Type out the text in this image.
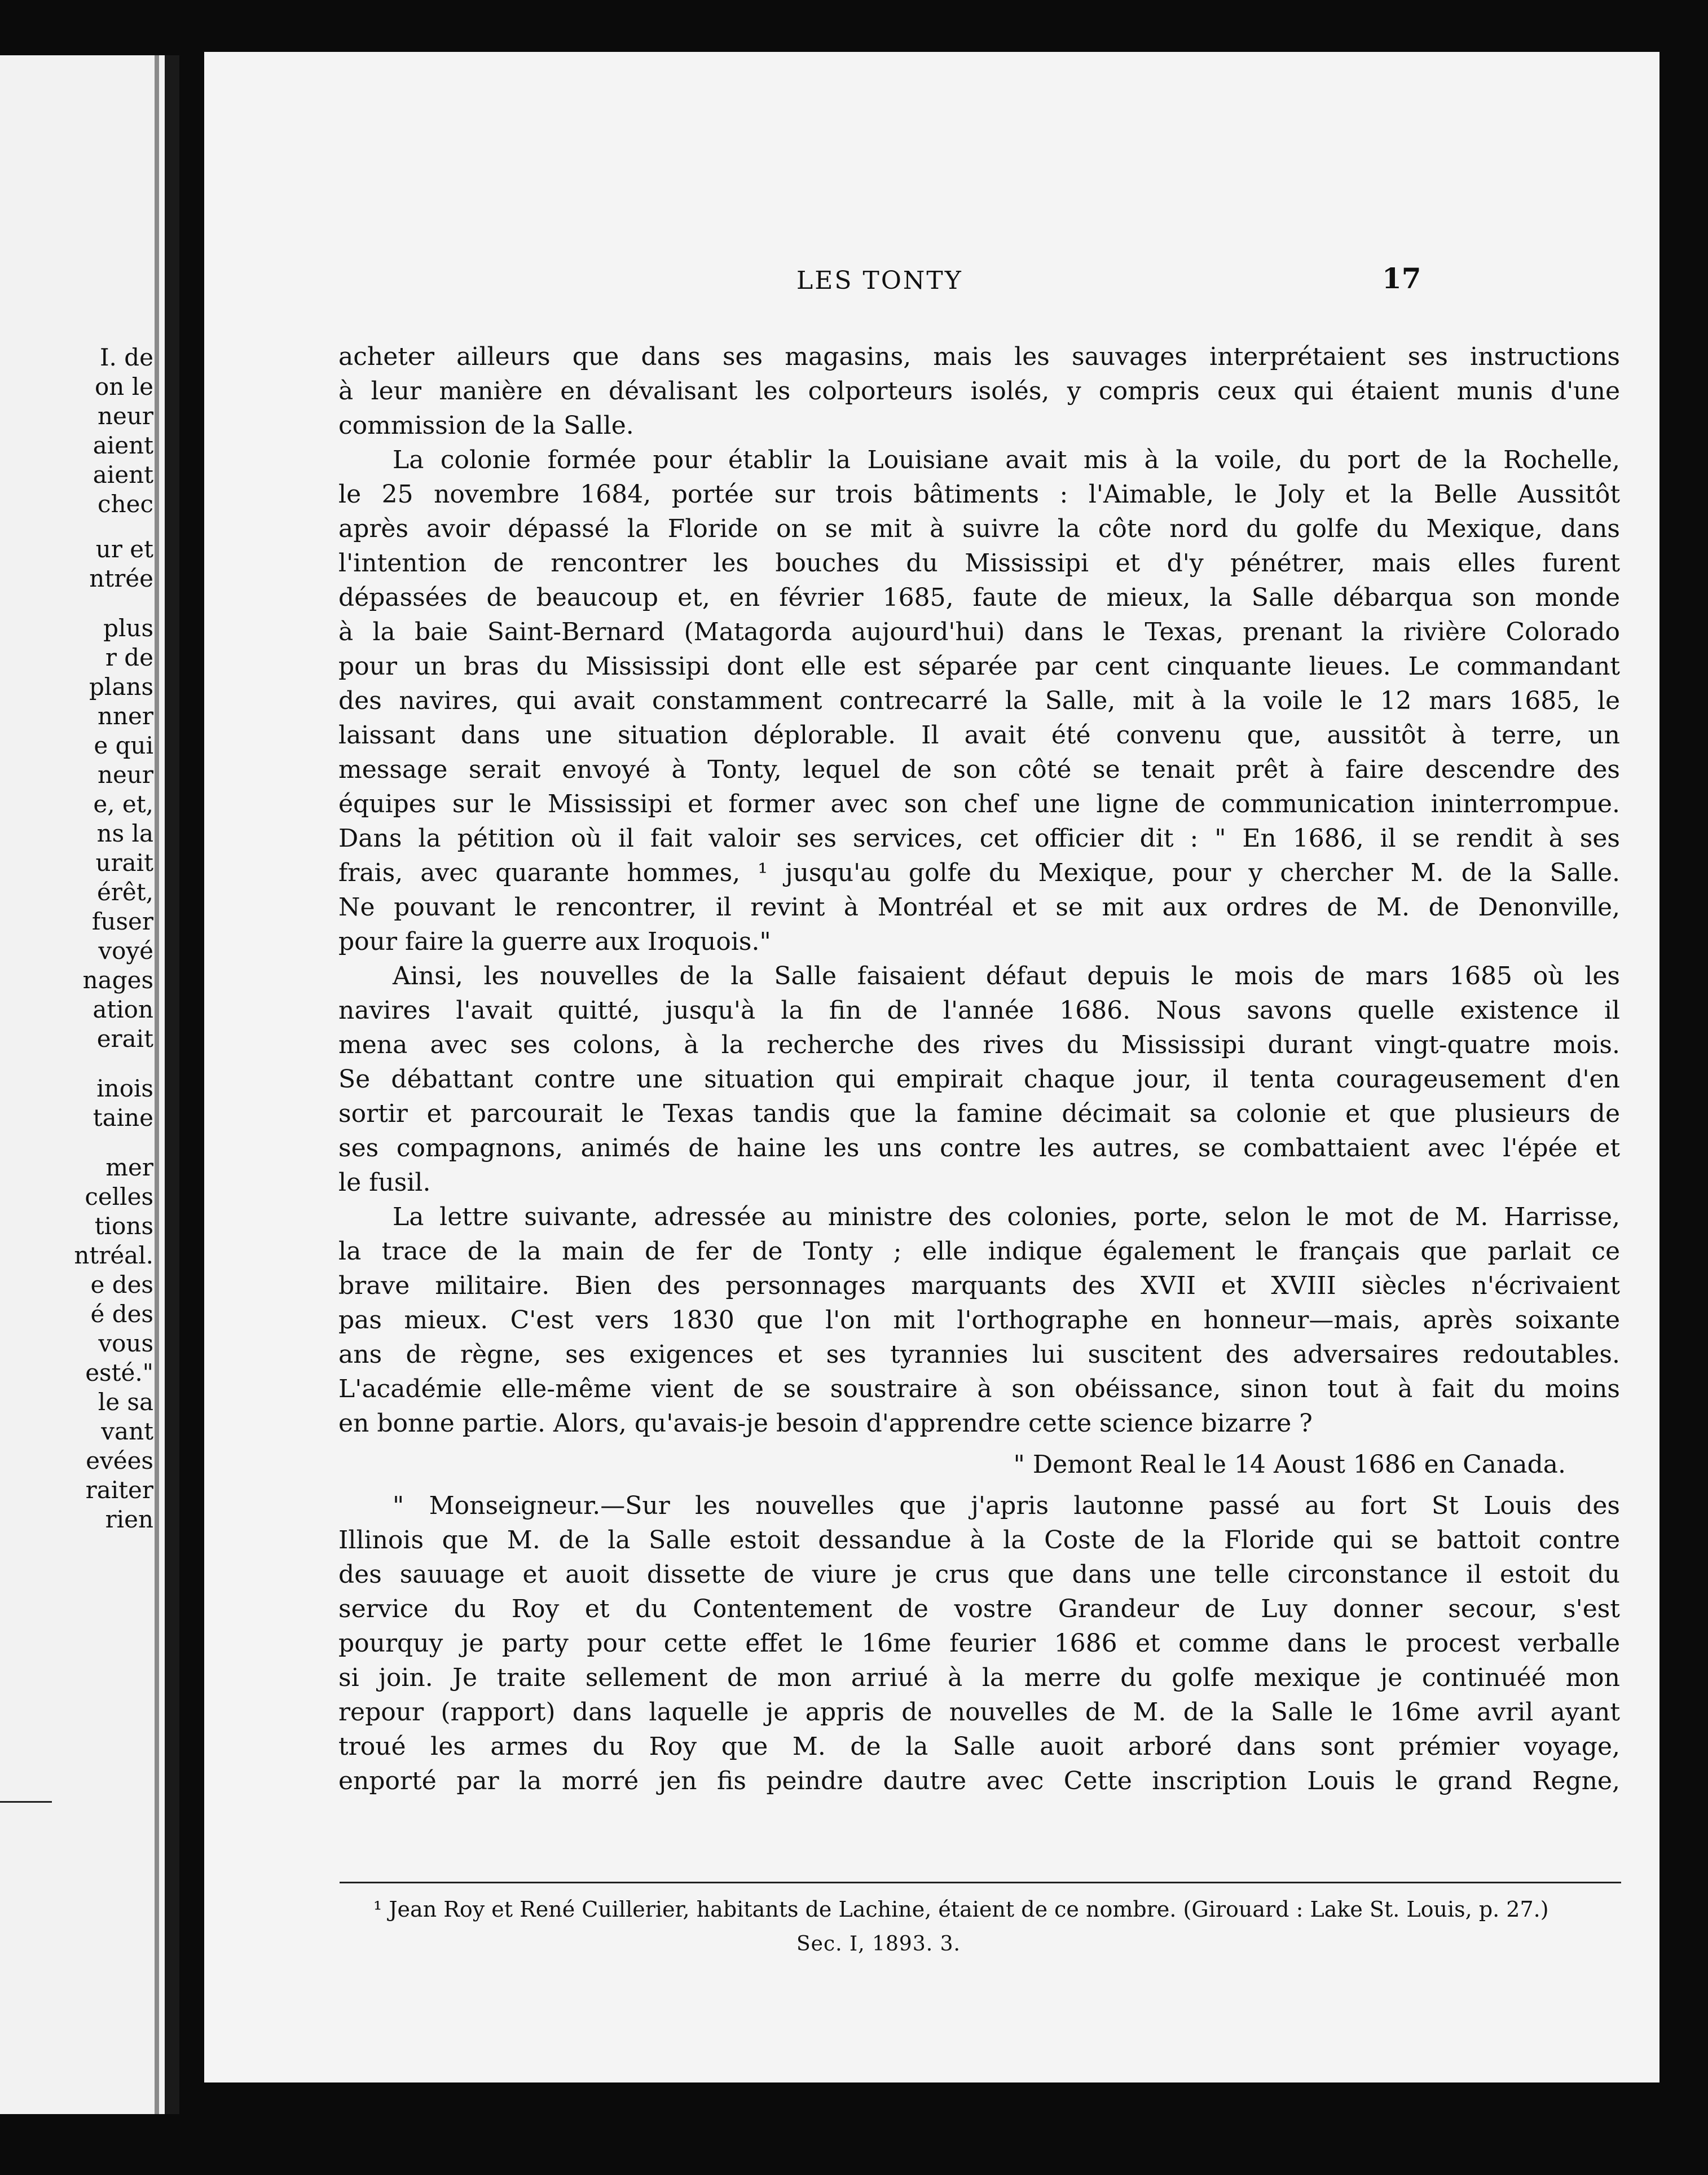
I. de
on le
neur
aient
aient
chec
ur et
ntrée
plus
r de
plans
nner
e qui
neur
e, et,
ns la
urait
érêt,
fuser
voyé
nages
ation
erait
inois
taine
mer
celles
tions
ntréal.
e des
é des
vous
esté."
le sa
vant
evées
raiter
rien
LES TONTY	17
acheter ailleurs que dans ses magasins, mais les sauvages interprétaient ses instructions
à leur manière en dévalisant les colporteurs isolés, y compris ceux qui étaient munis d'une
commission de la Salle.
La colonie formée pour établir la Louisiane avait mis à la voile, du port de la Rochelle,
le 25 novembre 1684, portée sur trois bâtiments : l'Aimable, le Joly et la Belle Aussitôt
après avoir dépassé la Floride on se mit à suivre la côte nord du golfe du Mexique, dans
l'intention de rencontrer les bouches du Mississipi et d'y pénétrer, mais elles furent
dépassées de beaucoup et, en février 1685, faute de mieux, la Salle débarqua son monde
à la baie Saint-Bernard (Matagorda aujourd'hui) dans le Texas, prenant la rivière Colorado
pour un bras du Mississipi dont elle est séparée par cent cinquante lieues. Le commandant
des navires, qui avait constamment contrecarré la Salle, mit à la voile le 12 mars 1685, le
laissant dans une situation déplorable. Il avait été convenu que, aussitôt à terre, un
message serait envoyé à Tonty, lequel de son côté se tenait prêt à faire descendre des
équipes sur le Mississipi et former avec son chef une ligne de communication ininterrompue.
Dans la pétition où il fait valoir ses services, cet officier dit : " En 1686, il se rendit à ses
frais, avec quarante hommes, ¹ jusqu'au golfe du Mexique, pour y chercher M. de la Salle.
Ne pouvant le rencontrer, il revint à Montréal et se mit aux ordres de M. de Denonville,
pour faire la guerre aux Iroquois."
Ainsi, les nouvelles de la Salle faisaient défaut depuis le mois de mars 1685 où les
navires l'avait quitté, jusqu'à la fin de l'année 1686. Nous savons quelle existence il
mena avec ses colons, à la recherche des rives du Mississipi durant vingt-quatre mois.
Se débattant contre une situation qui empirait chaque jour, il tenta courageusement d'en
sortir et parcourait le Texas tandis que la famine décimait sa colonie et que plusieurs de
ses compagnons, animés de haine les uns contre les autres, se combattaient avec l'épée et
le fusil.
La lettre suivante, adressée au ministre des colonies, porte, selon le mot de M. Harrisse,
la trace de la main de fer de Tonty ; elle indique également le français que parlait ce
brave militaire. Bien des personnages marquants des XVII et XVIII siècles n'écrivaient
pas mieux. C'est vers 1830 que l'on mit l'orthographe en honneur—mais, après soixante
ans de règne, ses exigences et ses tyrannies lui suscitent des adversaires redoutables.
L'académie elle-même vient de se soustraire à son obéissance, sinon tout à fait du moins
en bonne partie. Alors, qu'avais-je besoin d'apprendre cette science bizarre ?
" Demont Real le 14 Aoust 1686 en Canada.
" Monseigneur.—Sur les nouvelles que j'apris lautonne passé au fort St Louis des
Illinois que M. de la Salle estoit dessandue à la Coste de la Floride qui se battoit contre
des sauuage et auoit dissette de viure je crus que dans une telle circonstance il estoit du
service du Roy et du Contentement de vostre Grandeur de Luy donner secour, s'est
pourquy je party pour cette effet le 16me feurier 1686 et comme dans le procest verballe
si join. Je traite sellement de mon arriué à la merre du golfe mexique je continuéé mon
repour (rapport) dans laquelle je appris de nouvelles de M. de la Salle le 16me avril ayant
troué les armes du Roy que M. de la Salle auoit arboré dans sont prémier voyage,
enporté par la morré jen fis peindre dautre avec Cette inscription Louis le grand Regne,
¹ Jean Roy et René Cuillerier, habitants de Lachine, étaient de ce nombre. (Girouard : Lake St. Louis, p. 27.)
Sec. I, 1893. 3.
